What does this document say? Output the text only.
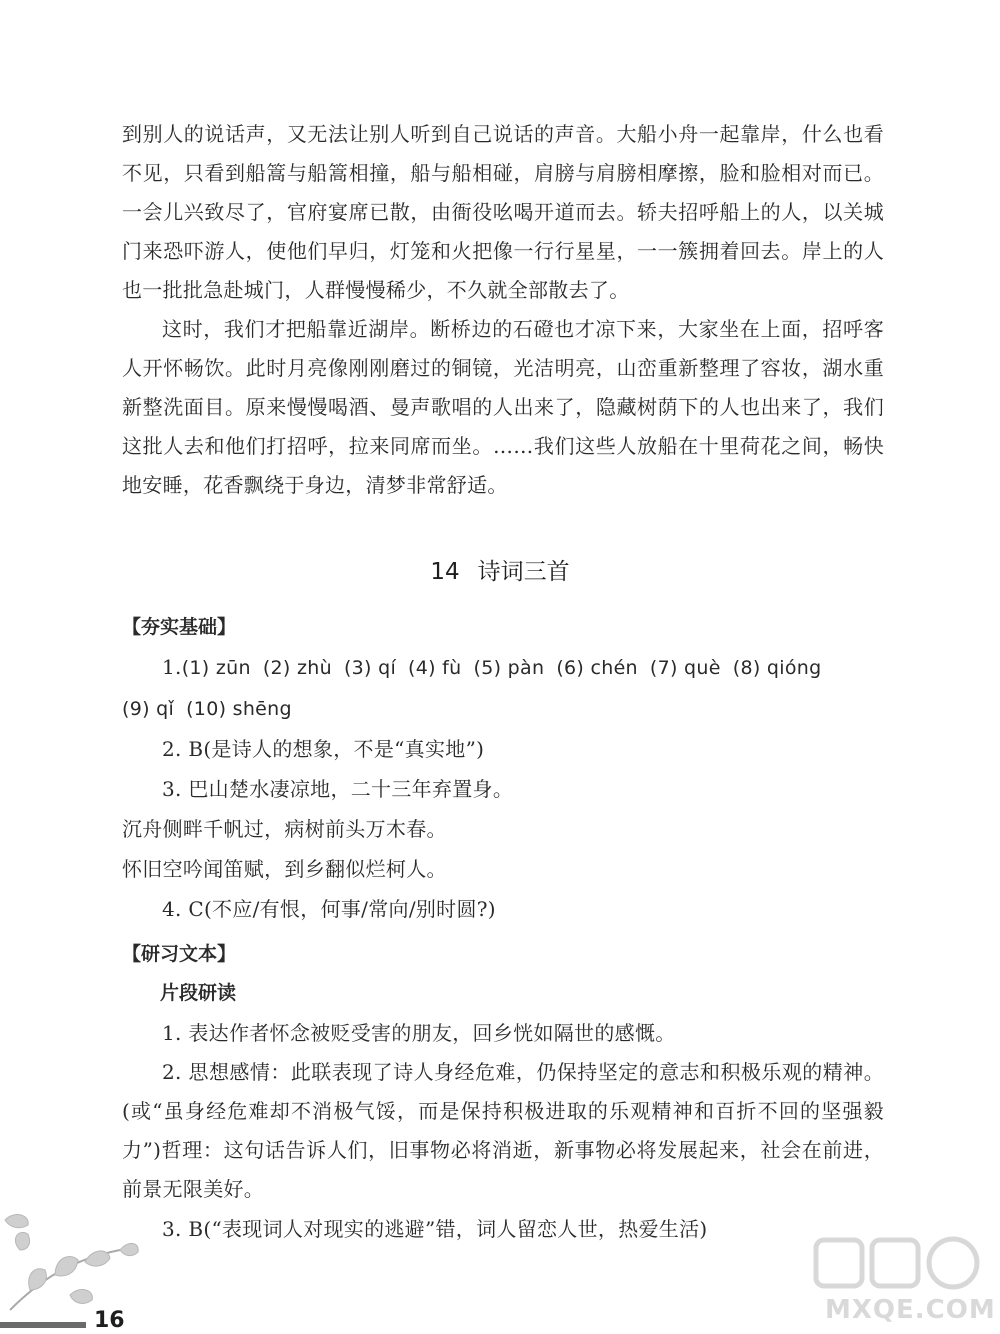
到别人的说话声，又无法让别人听到自己说话的声音。大船小舟一起靠岸，什么也看不见，只看到船篙与船篙相撞，船与船相碰，肩膀与肩膀相摩擦，脸和脸相对而已。一会儿兴致尽了，官府宴席已散，由衙役吆喝开道而去。轿夫招呼船上的人，以关城门来恐吓游人，使他们早归，灯笼和火把像一行行星星，一一簇拥着回去。岸上的人也一批批急赴城门，人群慢慢稀少，不久就全部散去了。

这时，我们才把船靠近湖岸。断桥边的石磴也才凉下来，大家坐在上面，招呼客人开怀畅饮。此时月亮像刚刚磨过的铜镜，光洁明亮，山峦重新整理了容妆，湖水重新整洗面目。原来慢慢喝酒、曼声歌唱的人出来了，隐藏树荫下的人也出来了，我们这批人去和他们打招呼，拉来同席而坐。……我们这些人放船在十里荷花之间，畅快地安睡，花香飘绕于身边，清梦非常舒适。

14 诗词三首

【夯实基础】

1.(1) zūn (2) zhù (3) qí (4) fù (5) pàn (6) chén (7) què (8) qióng

(9) qǐ (10) shēng

2. B(是诗人的想象，不是“真实地”)

3. 巴山楚水凄凉地，二十三年弃置身。

沉舟侧畔千帆过，病树前头万木春。

怀旧空吟闻笛赋，到乡翻似烂柯人。

4. C(不应/有恨，何事/常向/别时圆?)

【研习文本】

片段研读

1. 表达作者怀念被贬受害的朋友，回乡恍如隔世的感慨。

2. 思想感情：此联表现了诗人身经危难，仍保持坚定的意志和积极乐观的精神。(或“虽身经危难却不消极气馁，而是保持积极进取的乐观精神和百折不回的坚强毅力”)哲理：这句话告诉人们，旧事物必将消逝，新事物必将发展起来，社会在前进，前景无限美好。

3. B(“表现词人对现实的逃避”错，词人留恋人世，热爱生活)

16	MXQE.COM
